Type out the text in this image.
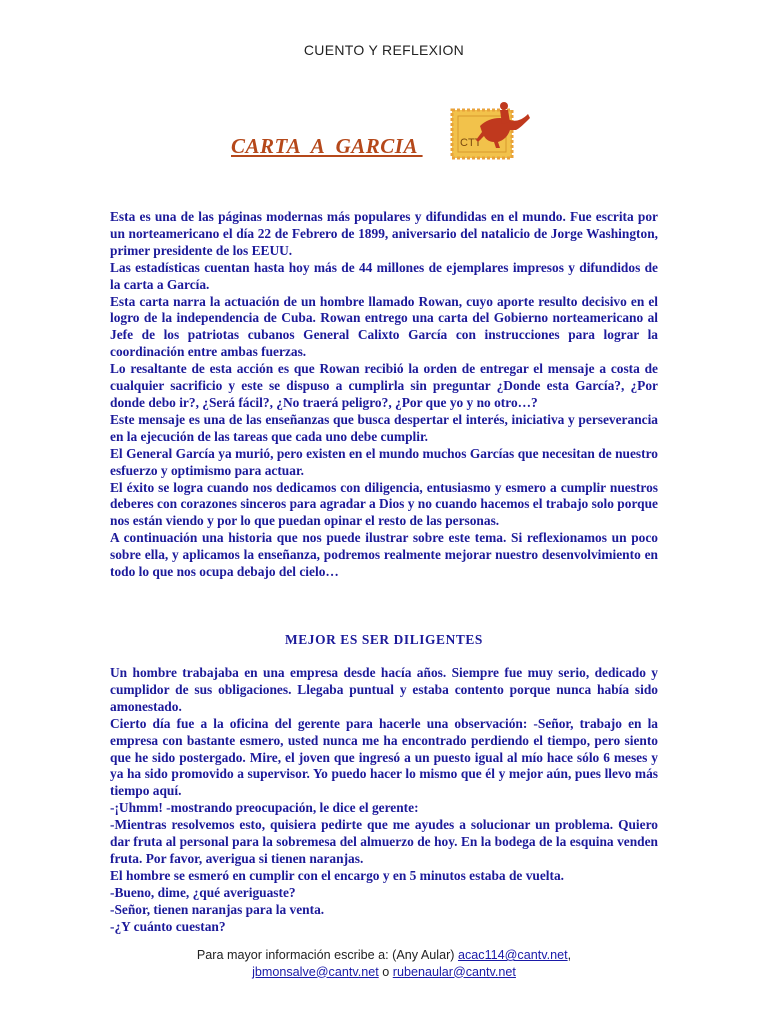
CUENTO Y REFLEXION
CARTA  A  GARCIA	CTT

Esta es una de las páginas modernas más populares y difundidas en el mundo. Fue escrita por un norteamericano el día 22 de Febrero de 1899, aniversario del natalicio de Jorge Washington, primer presidente de los EEUU.

Las estadísticas cuentan hasta hoy más de 44 millones de ejemplares impresos y difundidos de la carta a García.

Esta carta narra la actuación de un hombre llamado Rowan, cuyo aporte resulto decisivo en el logro de la independencia de Cuba. Rowan entrego una carta del Gobierno norteamericano al Jefe de los patriotas cubanos General Calixto García con instrucciones para lograr la coordinación entre ambas fuerzas.

Lo resaltante de esta acción es que Rowan recibió la orden de entregar el mensaje a costa de cualquier sacrificio y este se dispuso a cumplirla sin preguntar ¿Donde esta García?, ¿Por donde debo ir?, ¿Será fácil?, ¿No traerá peligro?, ¿Por que yo y no otro…?

Este mensaje es una de las enseñanzas que busca despertar el interés, iniciativa y perseverancia en la ejecución de las tareas que cada uno debe cumplir.

El General García ya murió, pero existen en el mundo muchos Garcías que necesitan de nuestro esfuerzo y optimismo para actuar.

El éxito se logra cuando nos dedicamos con diligencia, entusiasmo y esmero a cumplir nuestros deberes con corazones sinceros para agradar a Dios y no cuando hacemos el trabajo solo porque nos están viendo y por lo que puedan opinar el resto de las personas.

A continuación una historia que nos puede ilustrar sobre este tema. Si reflexionamos un poco sobre ella, y aplicamos la enseñanza, podremos realmente mejorar nuestro desenvolvimiento en todo lo que nos ocupa debajo del cielo…

MEJOR ES SER DILIGENTES

Un hombre trabajaba en una empresa desde hacía años. Siempre fue muy serio, dedicado y cumplidor de sus obligaciones. Llegaba puntual y estaba contento porque nunca había sido amonestado.

Cierto día fue a la oficina del gerente para hacerle una observación: -Señor, trabajo en la empresa con bastante esmero, usted nunca me ha encontrado perdiendo el tiempo, pero siento que he sido postergado. Mire, el joven que ingresó a un puesto igual al mío hace sólo 6 meses y ya ha sido promovido a supervisor. Yo puedo hacer lo mismo que él y mejor aún, pues llevo más tiempo aquí.

-¡Uhmm! -mostrando preocupación, le dice el gerente:

-Mientras resolvemos esto, quisiera pedirte que me ayudes a solucionar un problema. Quiero dar fruta al personal para la sobremesa del almuerzo de hoy. En la bodega de la esquina venden fruta. Por favor, averigua si tienen naranjas.

El hombre se esmeró en cumplir con el encargo y en 5 minutos estaba de vuelta.

-Bueno, dime, ¿qué averiguaste?

-Señor, tienen naranjas para la venta.

-¿Y cuánto cuestan?

Para mayor información escribe a: (Any Aular) acac114@cantv.net,
jbmonsalve@cantv.net o rubenaular@cantv.net
